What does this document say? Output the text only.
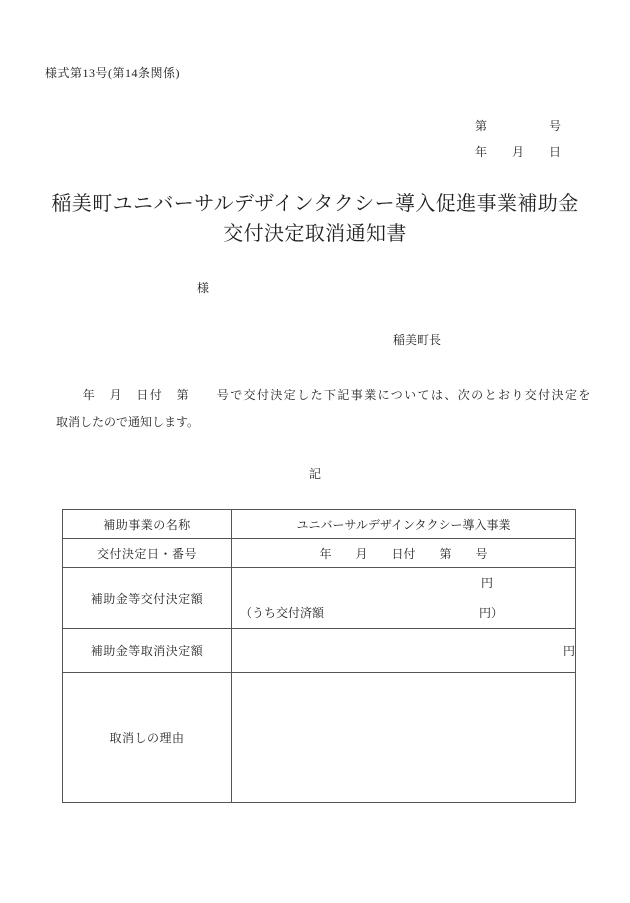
様式第13号(第14条関係)
第	号
年 月 日
稲美町ユニバーサルデザインタクシー導入促進事業補助金
交付決定取消通知書
様
稲美町長
　　年　月　日付　第　　号で交付決定した下記事業については、次のとおり交付決定を
取消したので通知します。
記
補助事業の名称	ユニバーサルデザインタクシー導入事業
交付決定日・番号	年　　月　　日付　　第　　号
補助金等交付決定額	円
（うち交付済額 円）

補助金等取消決定額	円
取消しの理由	
